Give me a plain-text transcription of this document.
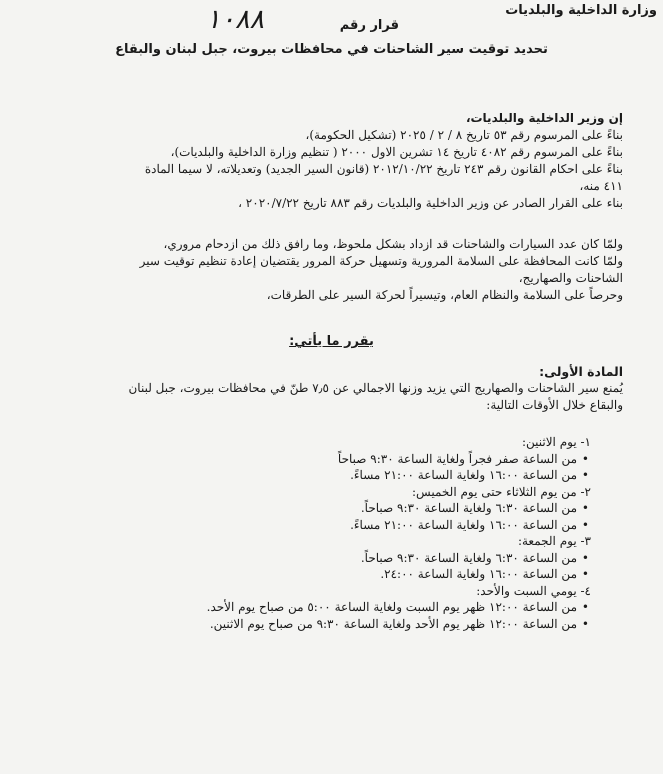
وزارة الداخلية والبلديات
قرار رقم
١٠٨٨
تحديد توقيت سير الشاحنات في محافظات بيروت، جبل لبنان والبقاع
إن وزير الداخلية والبلديات،
بناءً على المرسوم رقم ٥٣ تاريخ ٨ / ٢ / ٢٠٢٥ (تشكيل الحكومة)،
بناءً على المرسوم رقم ٤٠٨٢ تاريخ ١٤ تشرين الاول ٢٠٠٠ ( تنظيم وزارة الداخلية والبلديات)،
بناءً على احكام القانون رقم ٢٤٣ تاريخ ٢٠١٢/١٠/٢٢ (قانون السير الجديد) وتعديلاته، لا سيما المادة
٤١١ منه،
بناء على القرار الصادر عن وزير الداخلية والبلديات رقم ٨٨٣ تاريخ ٢٠٢٠/٧/٢٢ ،
ولمّا كان عدد السيارات والشاحنات قد ازداد بشكل ملحوظ، وما رافق ذلك من ازدحام مروري،
ولمّا كانت المحافظة على السلامة المرورية وتسهيل حركة المرور يقتضيان إعادة تنظيم توقيت سير
الشاحنات والصهاريج،
وحرصاً على السلامة والنظام العام، وتيسيراً لحركة السير على الطرقات،
يقرر ما يأتي:
المادة الأولى:
يُمنع سير الشاحنات والصهاريج التي يزيد وزنها الاجمالي عن ٧٫٥ طنّ في محافظات بيروت، جبل لبنان
والبقاع خلال الأوقات التالية:
١- يوم الاثنين:
• من الساعة صفر فجراً ولغاية الساعة ٩:٣٠ صباحاً
• من الساعة ١٦:٠٠ ولغاية الساعة ٢١:٠٠ مساءً.
٢- من يوم الثلاثاء حتى يوم الخميس:
• من الساعة ٦:٣٠ ولغاية الساعة ٩:٣٠ صباحاً.
• من الساعة ١٦:٠٠ ولغاية الساعة ٢١:٠٠ مساءً.
٣- يوم الجمعة:
• من الساعة ٦:٣٠ ولغاية الساعة ٩:٣٠ صباحاً.
• من الساعة ١٦:٠٠ ولغاية الساعة ٢٤:٠٠.
٤- يومي السبت والأحد:
• من الساعة ١٢:٠٠ ظهر يوم السبت ولغاية الساعة ٥:٠٠ من صباح يوم الأحد.
• من الساعة ١٢:٠٠ ظهر يوم الأحد ولغاية الساعة ٩:٣٠ من صباح يوم الاثنين.
